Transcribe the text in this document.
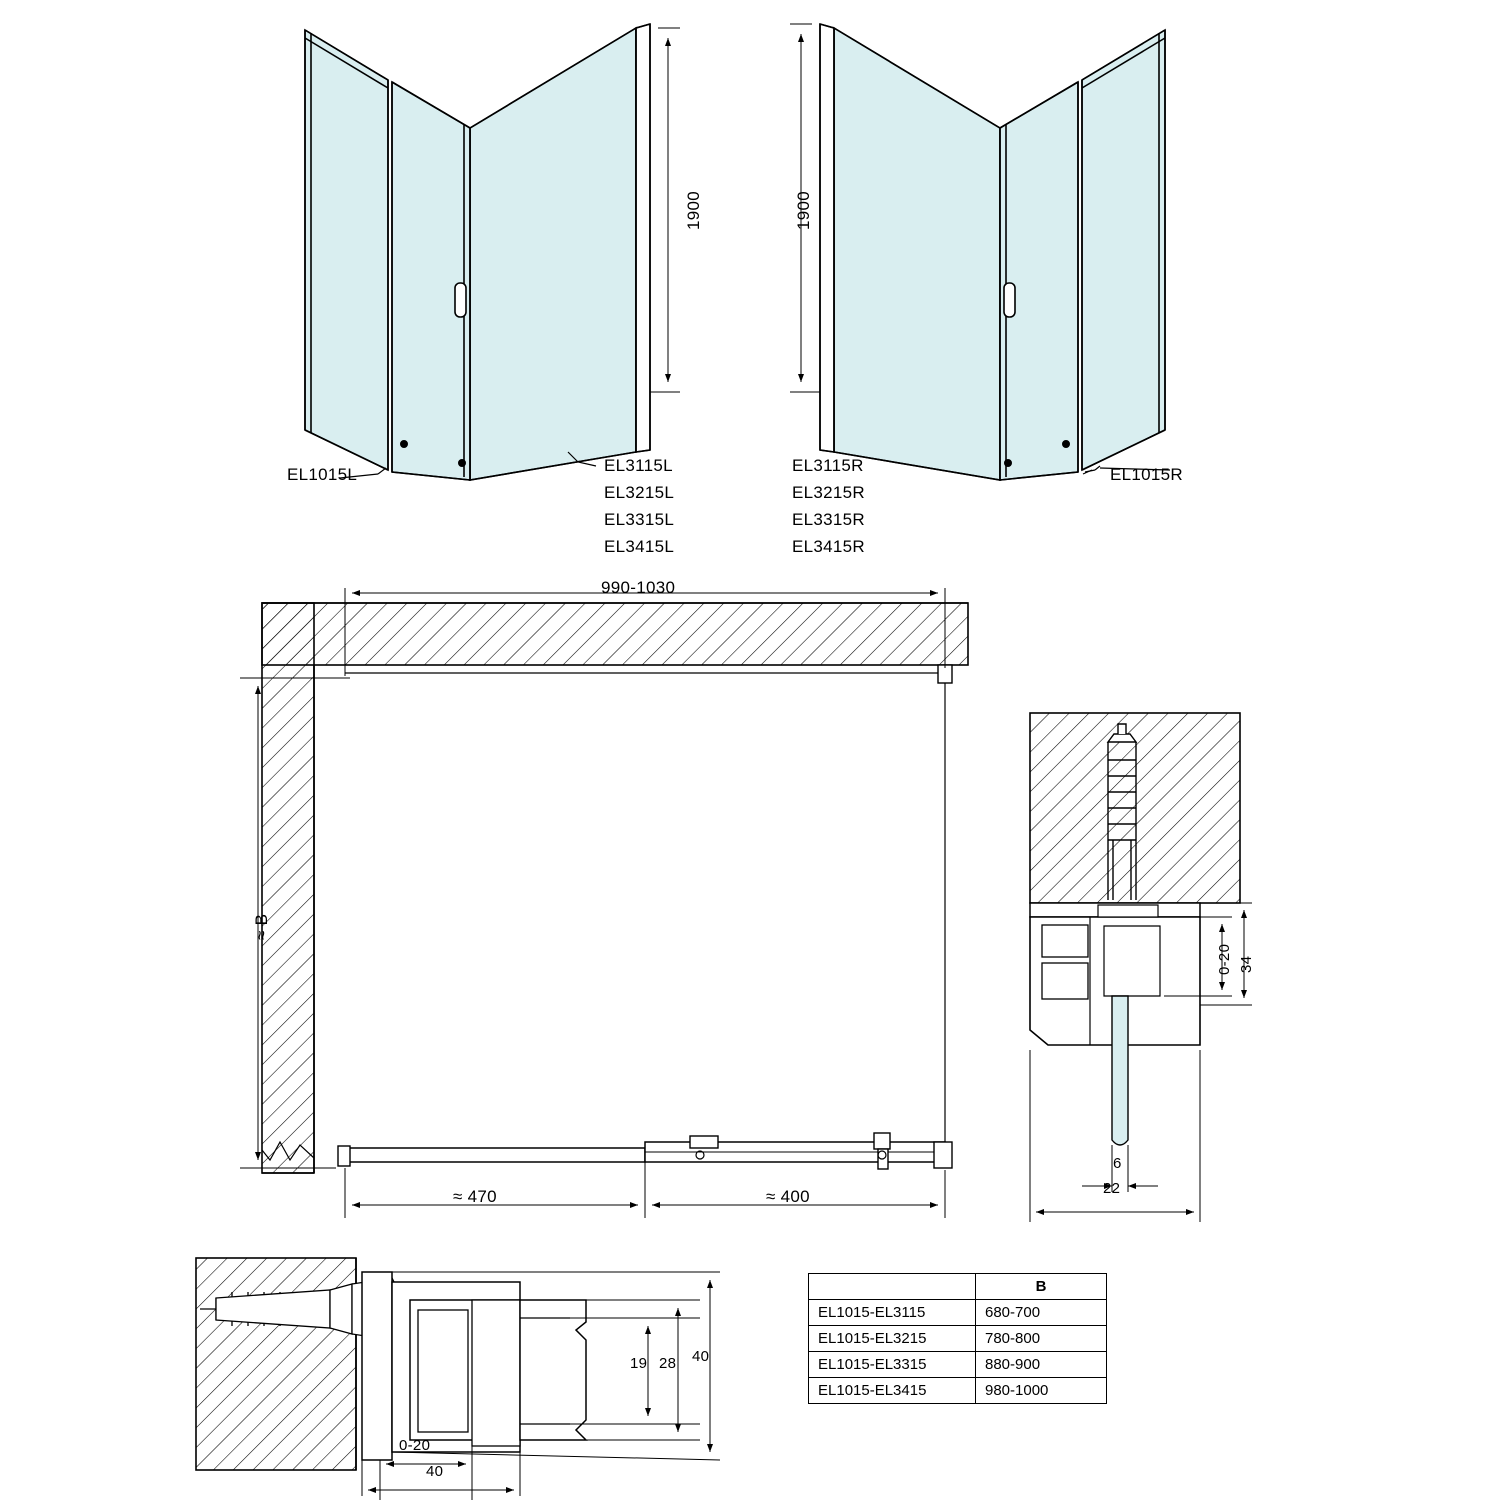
1900	1900
EL1015L	EL3115L
EL3215L
EL3315L
EL3415L
EL3115R
EL3215R
EL3315R
EL3415R
EL1015R
990-1030
≈ B
≈ 470	≈ 400
0-20 34
6
22
19 28 40
0-20
40
	B
EL1015-EL3115	680-700
EL1015-EL3215	780-800
EL1015-EL3315	880-900
EL1015-EL3415	980-1000
